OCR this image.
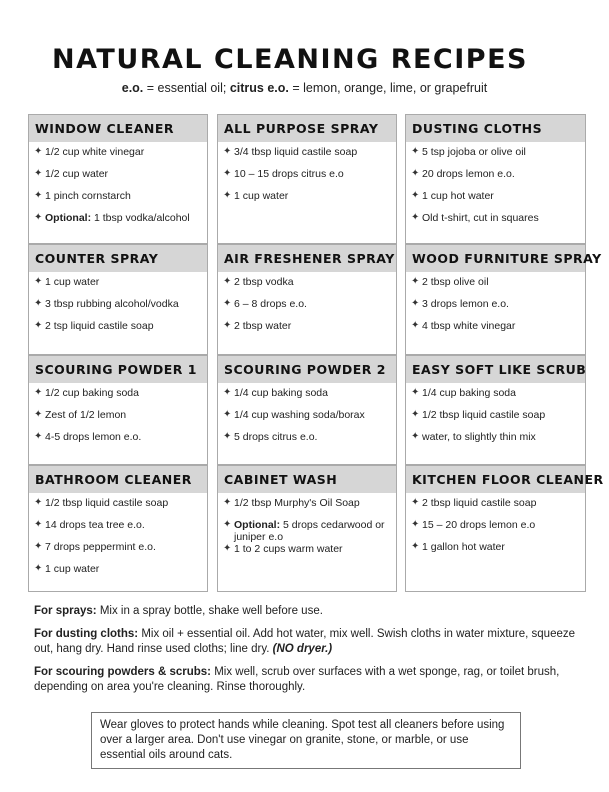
NATURAL CLEANING RECIPES
e.o. = essential oil; citrus e.o. = lemon, orange, lime, or grapefruit
WINDOW CLEANER
✦ 1/2 cup white vinegar
✦ 1/2 cup water
✦ 1 pinch cornstarch
✦ Optional: 1 tbsp vodka/alcohol
ALL PURPOSE SPRAY
✦ 3/4 tbsp liquid castile soap
✦ 10 – 15 drops citrus e.o
✦ 1 cup water
DUSTING CLOTHS
✦ 5 tsp jojoba or olive oil
✦ 20 drops lemon e.o.
✦ 1 cup hot water
✦ Old t-shirt, cut in squares
COUNTER SPRAY
✦ 1 cup water
✦ 3 tbsp rubbing alcohol/vodka
✦ 2 tsp liquid castile soap
AIR FRESHENER SPRAY
✦ 2 tbsp vodka
✦ 6 – 8 drops e.o.
✦ 2 tbsp water
WOOD FURNITURE SPRAY
✦ 2 tbsp olive oil
✦ 3 drops lemon e.o.
✦ 4 tbsp white vinegar
SCOURING POWDER 1
✦ 1/2 cup baking soda
✦ Zest of 1/2 lemon
✦ 4-5 drops lemon e.o.
SCOURING POWDER 2
✦ 1/4 cup baking soda
✦ 1/4 cup washing soda/borax
✦ 5 drops citrus e.o.
EASY SOFT LIKE SCRUB
✦ 1/4 cup baking soda
✦ 1/2 tbsp liquid castile soap
✦ water, to slightly thin mix
BATHROOM CLEANER
✦ 1/2 tbsp liquid castile soap
✦ 14 drops tea tree e.o.
✦ 7 drops peppermint e.o.
✦ 1 cup water
CABINET WASH
✦ 1/2 tbsp Murphy's Oil Soap
✦ Optional: 5 drops cedarwood or juniper e.o
✦ 1 to 2 cups warm water
KITCHEN FLOOR CLEANER
✦ 2 tbsp liquid castile soap
✦ 15 – 20 drops lemon e.o
✦ 1 gallon hot water
For sprays: Mix in a spray bottle, shake well before use.
For dusting cloths: Mix oil + essential oil. Add hot water, mix well. Swish cloths in water mixture, squeeze out, hang dry. Hand rinse used cloths; line dry. (NO dryer.)
For scouring powders & scrubs: Mix well, scrub over surfaces with a wet sponge, rag, or toilet brush, depending on area you're cleaning. Rinse thoroughly.
Wear gloves to protect hands while cleaning. Spot test all cleaners before using over a larger area. Don't use vinegar on granite, stone, or marble, or use essential oils around cats.
